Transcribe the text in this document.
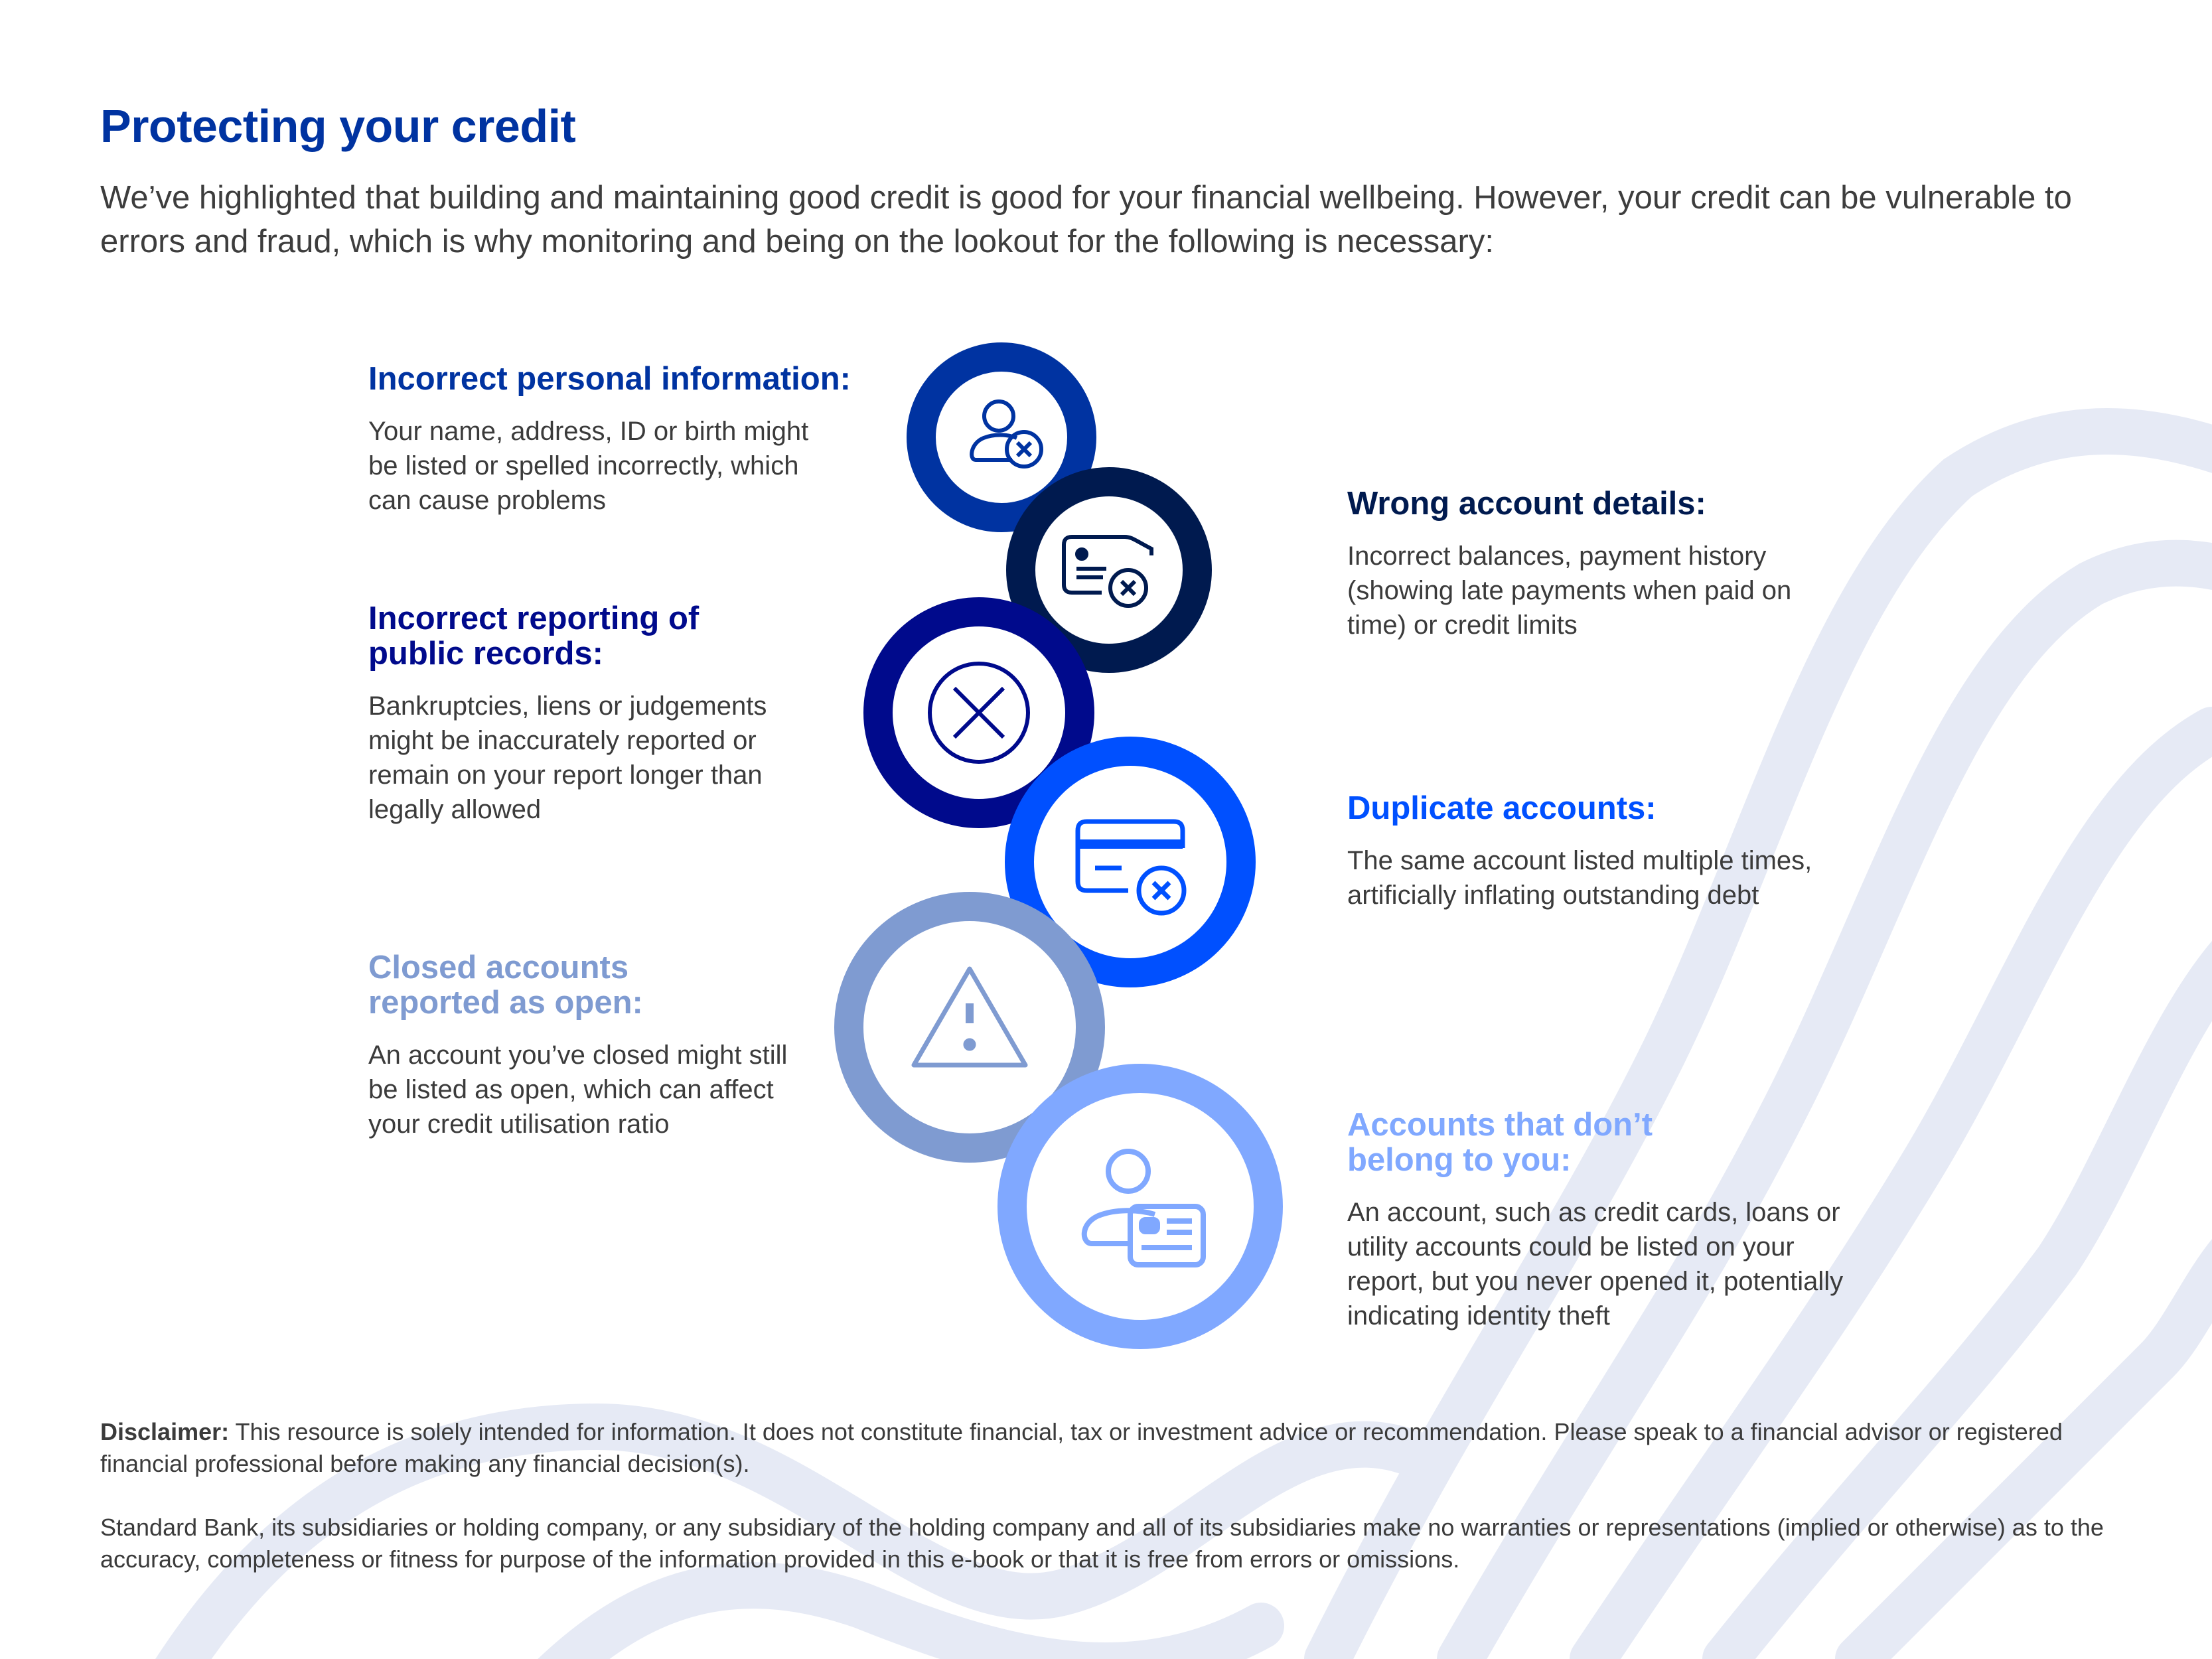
Protecting your credit
We’ve highlighted that building and maintaining good credit is good for your financial wellbeing. However, your credit can be vulnerable to errors and fraud, which is why monitoring and being on the lookout for the following is necessary:
Incorrect personal information:

Your name, address, ID or birth might be listed or spelled incorrectly, which can cause problems

Incorrect reporting of public records:

Bankruptcies, liens or judgements might be inaccurately reported or remain on your report longer than legally allowed

Closed accounts reported as open:

An account you’ve closed might still be listed as open, which can affect your credit utilisation ratio

Wrong account details:

Incorrect balances, payment history (showing late payments when paid on time) or credit limits

Duplicate accounts:

The same account listed multiple times, artificially inflating outstanding debt

Accounts that don’t belong to you:

An account, such as credit cards, loans or utility accounts could be listed on your report, but you never opened it, potentially indicating identity theft

Disclaimer: This resource is solely intended for information. It does not constitute financial, tax or investment advice or recommendation. Please speak to a financial advisor or registered financial professional before making any financial decision(s).
Standard Bank, its subsidiaries or holding company, or any subsidiary of the holding company and all of its subsidiaries make no warranties or representations (implied or otherwise) as to the accuracy, completeness or fitness for purpose of the information provided in this e-book or that it is free from errors or omissions.
